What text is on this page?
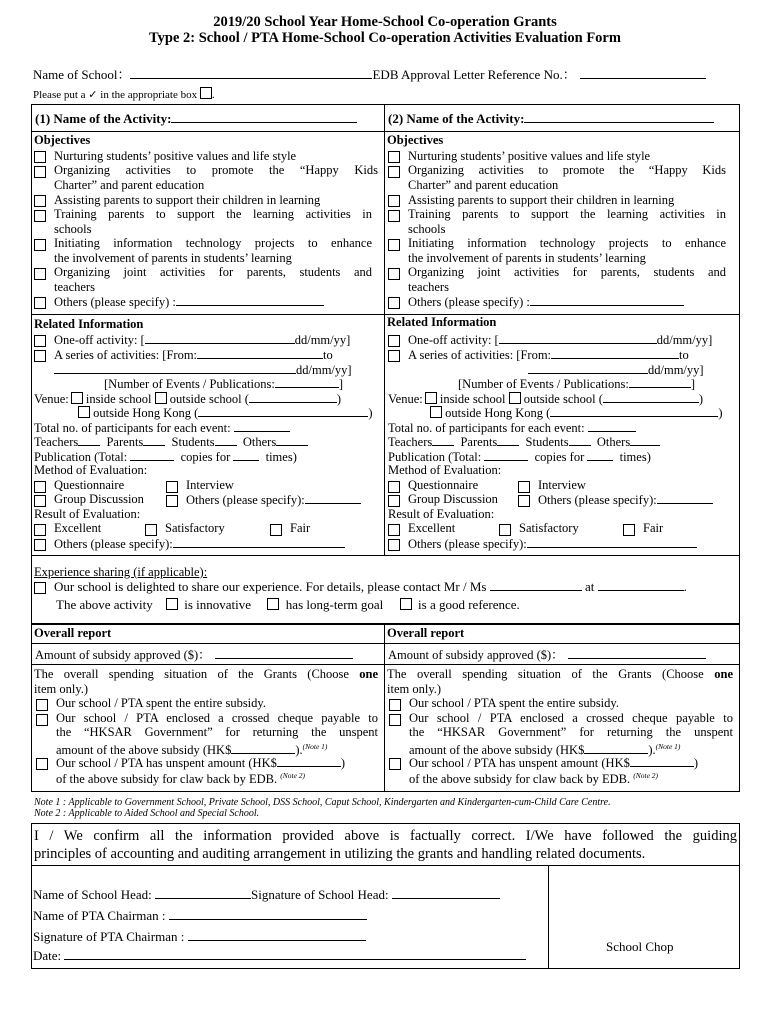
2019/20 School Year Home-School Co-operation Grants
Type 2: School / PTA Home-School Co-operation Activities Evaluation Form
Name of School：	EDB Approval Letter Reference No.：
Please put a ✓ in the appropriate box .
(1) Name of the Activity:
Objectives
Nurturing students’ positive values and life style
Organizing activities to promote the “Happy Kids
Charter” and parent education
Assisting parents to support their children in learning
Training parents to support the learning activities in
schools
Initiating information technology projects to enhance
the involvement of parents in students’ learning
Organizing joint activities for parents, students and
teachers
Others (please specify) :
Related Information
One-off activity: [	dd/mm/yy]
A series of activities: [From:	to
dd/mm/yy]
[Number of Events / Publications:	]
Venue: inside school outside school (	)
outside Hong Kong (	)
Total no. of participants for each event:
Teachers Parents Students Others
Publication (Total:	copies for	times)
Method of Evaluation:
Questionnaire	Interview
Group Discussion	Others (please specify):
Result of Evaluation:
Excellent	Satisfactory	Fair
Others (please specify):
(2) Name of the Activity:
Objectives
Nurturing students’ positive values and life style
Organizing activities to promote the “Happy Kids
Charter” and parent education
Assisting parents to support their children in learning
Training parents to support the learning activities in
schools
Initiating information technology projects to enhance
the involvement of parents in students’ learning
Organizing joint activities for parents, students and
teachers
Others (please specify) :
Related Information
One-off activity: [	dd/mm/yy]
A series of activities: [From:	to
dd/mm/yy]
[Number of Events / Publications:	]
Venue: inside school outside school (	)
outside Hong Kong (	)
Total no. of participants for each event:
Teachers Parents Students Others
Publication (Total:	copies for	times)
Method of Evaluation:
Questionnaire	Interview
Group Discussion	Others (please specify):
Result of Evaluation:
Excellent	Satisfactory	Fair
Others (please specify):
Experience sharing (if applicable):
Our school is delighted to share our experience. For details, please contact Mr / Ms	at	.
The above activity is innovative	has long-term goal	is a good reference.
Overall report
Amount of subsidy approved ($)：
The overall spending situation of the Grants (Choose one
item only.)
Our school / PTA spent the entire subsidy.
Our school / PTA enclosed a crossed cheque payable to
the “HKSAR Government” for returning the unspent
amount of the above subsidy (HK$	).$^{(Note 1)}$
Our school / PTA has unspent amount (HK$	)
of the above subsidy for claw back by EDB. $^{(Note 2)}$
Overall report
Amount of subsidy approved ($)：
The overall spending situation of the Grants (Choose one
item only.)
Our school / PTA spent the entire subsidy.
Our school / PTA enclosed a crossed cheque payable to
the “HKSAR Government” for returning the unspent
amount of the above subsidy (HK$	).$^{(Note 1)}$
Our school / PTA has unspent amount (HK$	)
of the above subsidy for claw back by EDB. $^{(Note 2)}$
Note 1 : Applicable to Government School, Private School, DSS School, Caput School, Kindergarten and Kindergarten-cum-Child Care Centre.
Note 2 : Applicable to Aided School and Special School.
I / We confirm all the information provided above is factually correct. I/We have followed the guiding
principles of accounting and auditing arrangement in utilizing the grants and handling related documents.
Name of School Head:	Signature of School Head:
Name of PTA Chairman :
Signature of PTA Chairman :
Date:
School Chop
